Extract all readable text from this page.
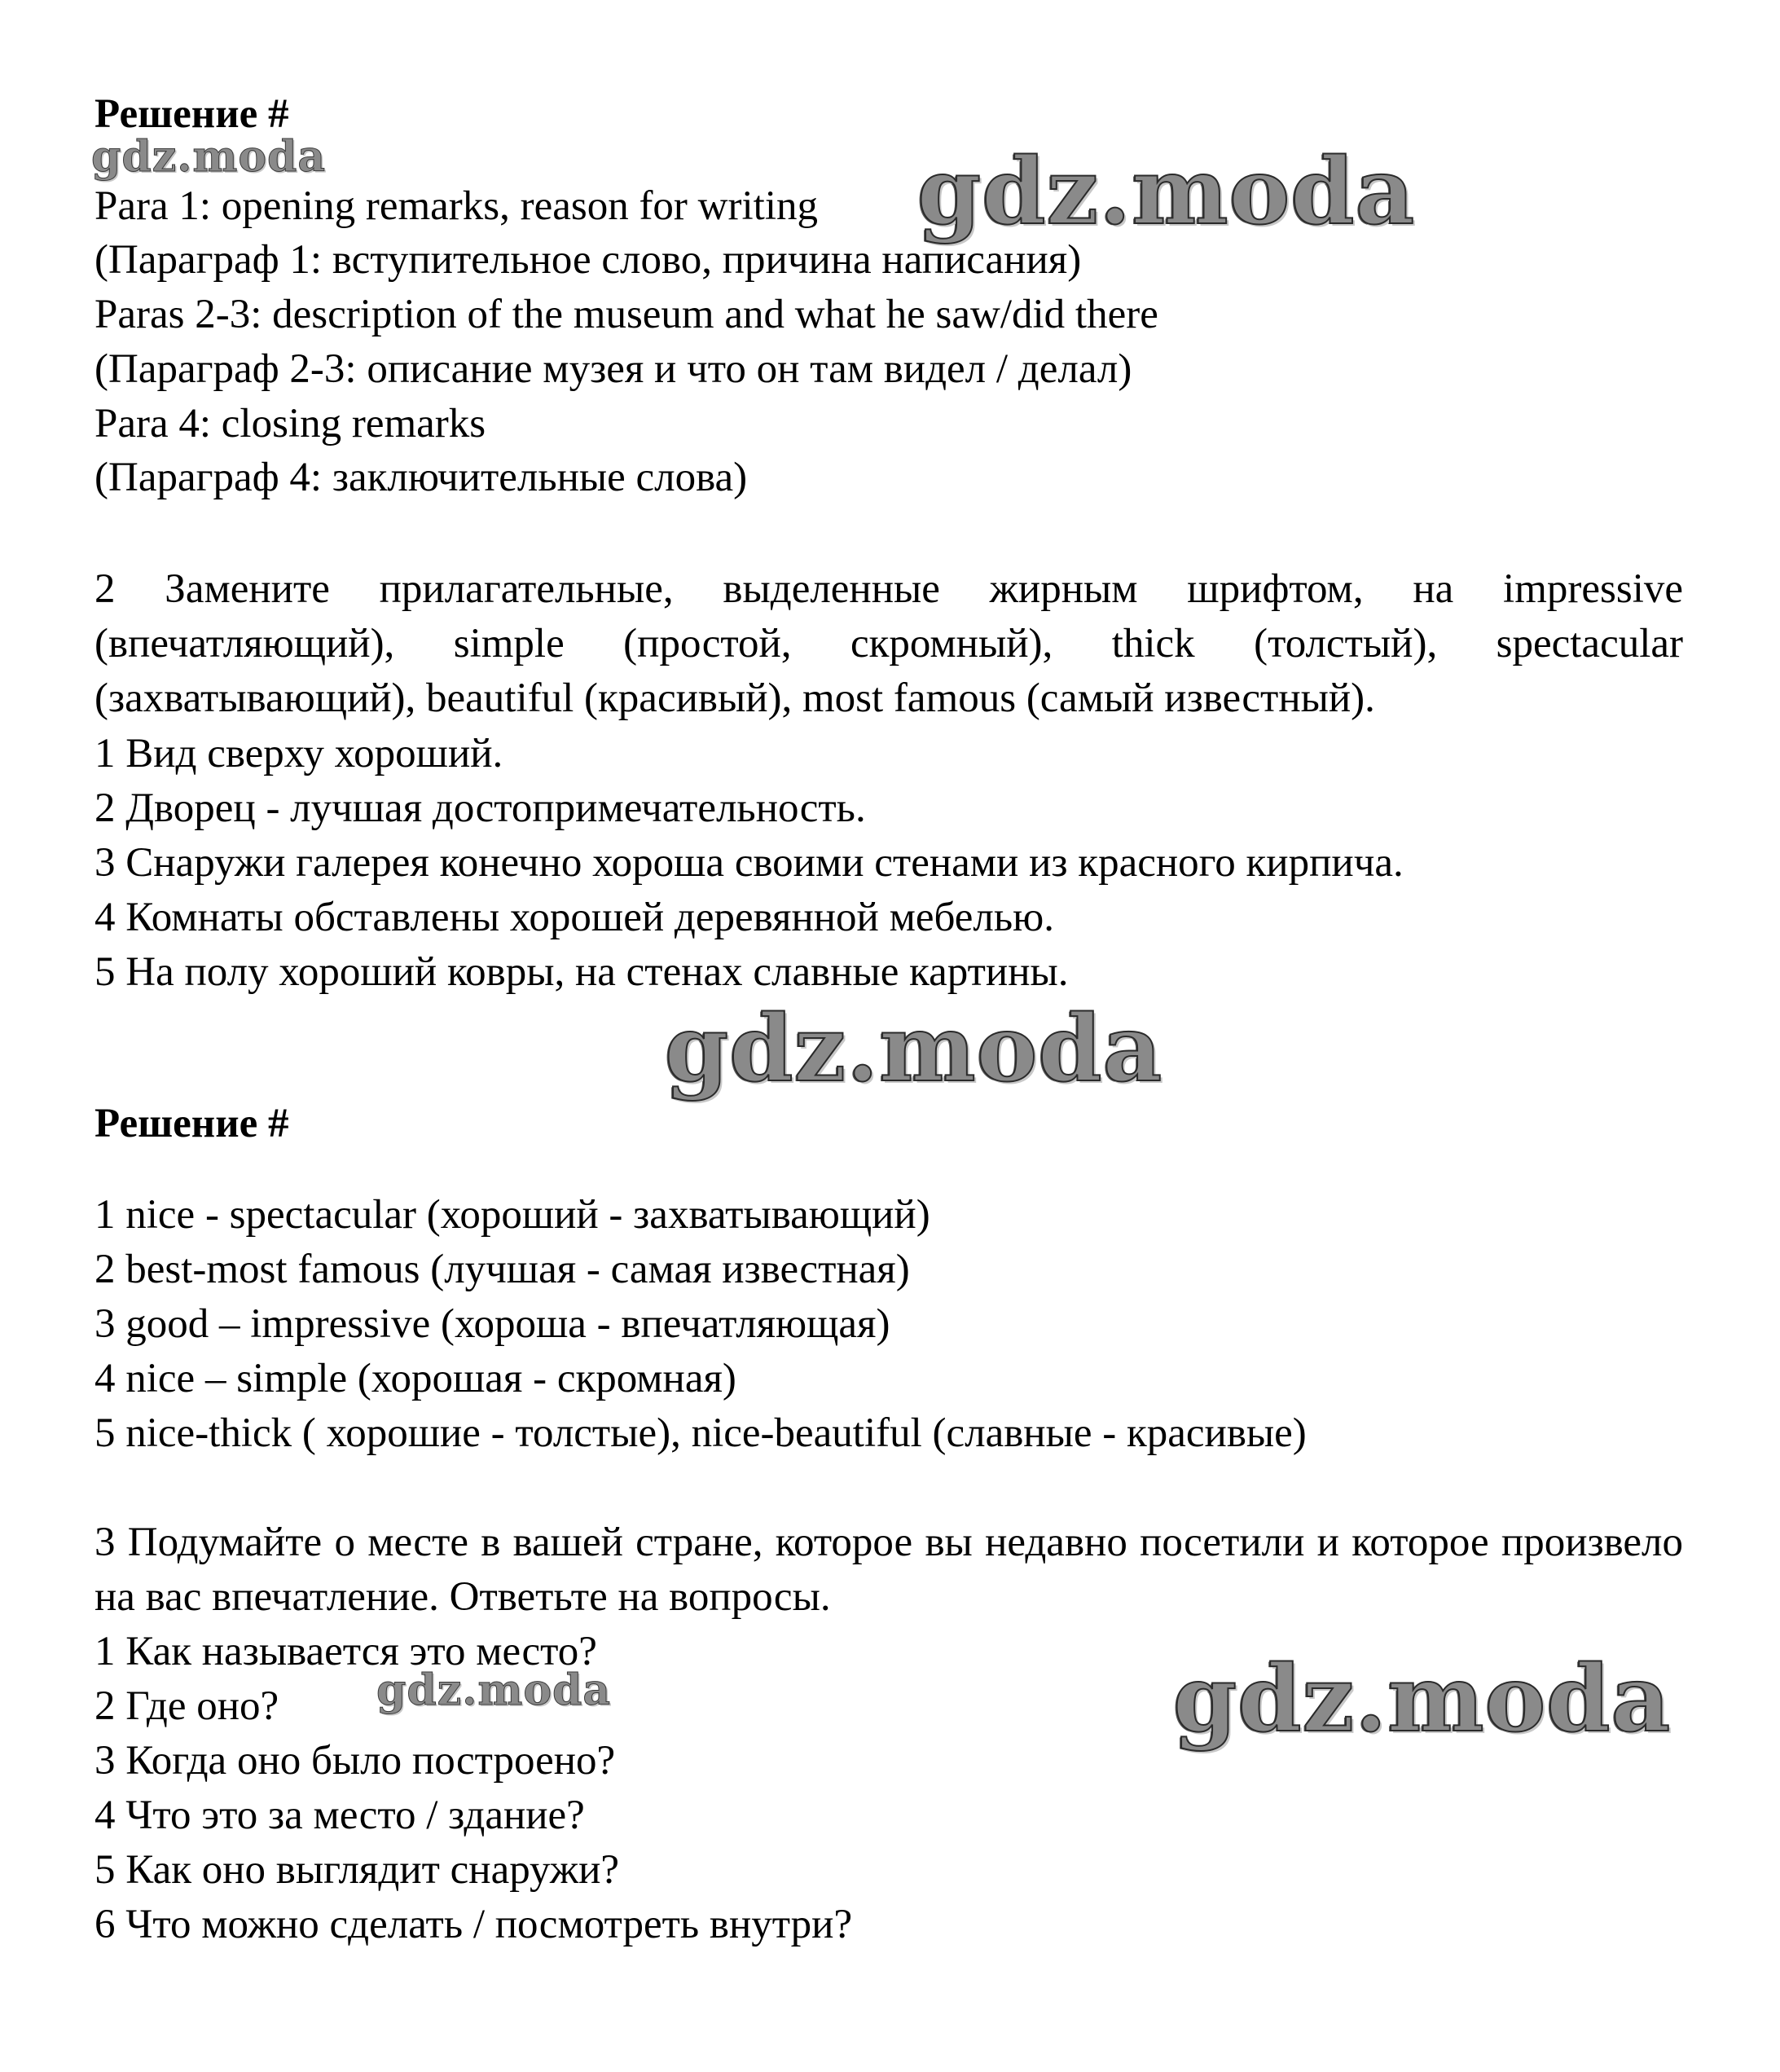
Решение #
gdz.moda
Para 1: opening remarks, reason for writing gdz.moda
(Параграф 1: вступительное слово, причина написания)
Paras 2-3: description of the museum and what he saw/did there
(Параграф 2-3: описание музея и что он там видел / делал)
Para 4: closing remarks
(Параграф 4: заключительные слова)
2 Замените прилагательные, выделенные жирным шрифтом, на impressive (впечатляющий), simple (простой, скромный), thick (толстый), spectacular (захватывающий), beautiful (красивый), most famous (самый известный).
1 Вид сверху хороший.
2 Дворец - лучшая достопримечательность.
3 Снаружи галерея конечно хороша своими стенами из красного кирпича.
4 Комнаты обставлены хорошей деревянной мебелью.
5 На полу хороший ковры, на стенах славные картины.
gdz.moda
Решение #
1 nice - spectacular (хороший - захватывающий)
2 best-most famous (лучшая - самая известная)
3 good – impressive (хороша - впечатляющая)
4 nice – simple (хорошая - скромная)
5 nice-thick ( хорошие - толстые), nice-beautiful (славные - красивые)
3 Подумайте о месте в вашей стране, которое вы недавно посетили и которое произвело на вас впечатление. Ответьте на вопросы.
1 Как называется это место?
2 Где оно? gdz.moda	gdz.moda
3 Когда оно было построено?
4 Что это за место / здание?
5 Как оно выглядит снаружи?
6 Что можно сделать / посмотреть внутри?
